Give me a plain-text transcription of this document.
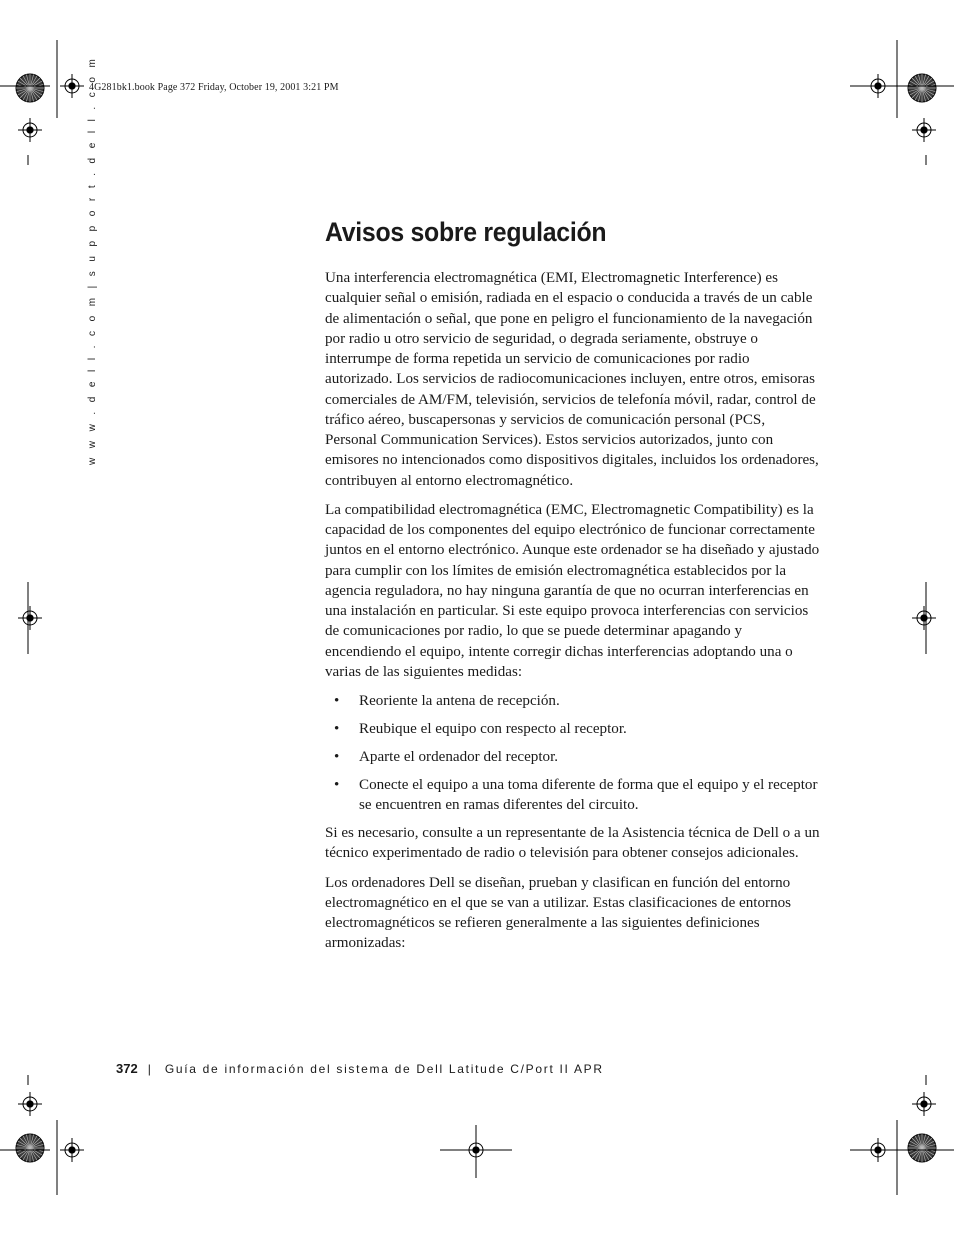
4G281bk1.book Page 372 Friday, October 19, 2001 3:21 PM
w w w . d e l l . c o m | s u p p o r t . d e l l . c o m	Avisos sobre regulación

Una interferencia electromagnética (EMI, Electromagnetic Interference) es cualquier señal o emisión, radiada en el espacio o conducida a través de un cable de alimentación o señal, que pone en peligro el funcionamiento de la navegación por radio u otro servicio de seguridad, o degrada seriamente, obstruye o interrumpe de forma repetida un servicio de comunicaciones por radio autorizado. Los servicios de radiocomunicaciones incluyen, entre otros, emisoras comerciales de AM/FM, televisión, servicios de telefonía móvil, radar, control de tráfico aéreo, buscapersonas y servicios de comunicación personal (PCS, Personal Communication Services). Estos servicios autorizados, junto con emisores no intencionados como dispositivos digitales, incluidos los ordenadores, contribuyen al entorno electromagnético.

La compatibilidad electromagnética (EMC, Electromagnetic Compatibility) es la capacidad de los componentes del equipo electrónico de funcionar correctamente juntos en el entorno electrónico. Aunque este ordenador se ha diseñado y ajustado para cumplir con los límites de emisión electromagnética establecidos por la agencia reguladora, no hay ninguna garantía de que no ocurran interferencias en una instalación en particular. Si este equipo provoca interferencias con servicios de comunicaciones por radio, lo que se puede determinar apagando y encendiendo el equipo, intente corregir dichas interferencias adoptando una o varias de las siguientes medidas:

• Reoriente la antena de recepción.
• Reubique el equipo con respecto al receptor.
• Aparte el ordenador del receptor.
• Conecte el equipo a una toma diferente de forma que el equipo y el receptor se encuentren en ramas diferentes del circuito.

Si es necesario, consulte a un representante de la Asistencia técnica de Dell o a un técnico experimentado de radio o televisión para obtener consejos adicionales.

Los ordenadores Dell se diseñan, prueban y clasifican en función del entorno electromagnético en el que se van a utilizar. Estas clasificaciones de entornos electromagnéticos se refieren generalmente a las siguientes definiciones armonizadas:

372 | Guía de información del sistema de Dell Latitude C/Port II APR
